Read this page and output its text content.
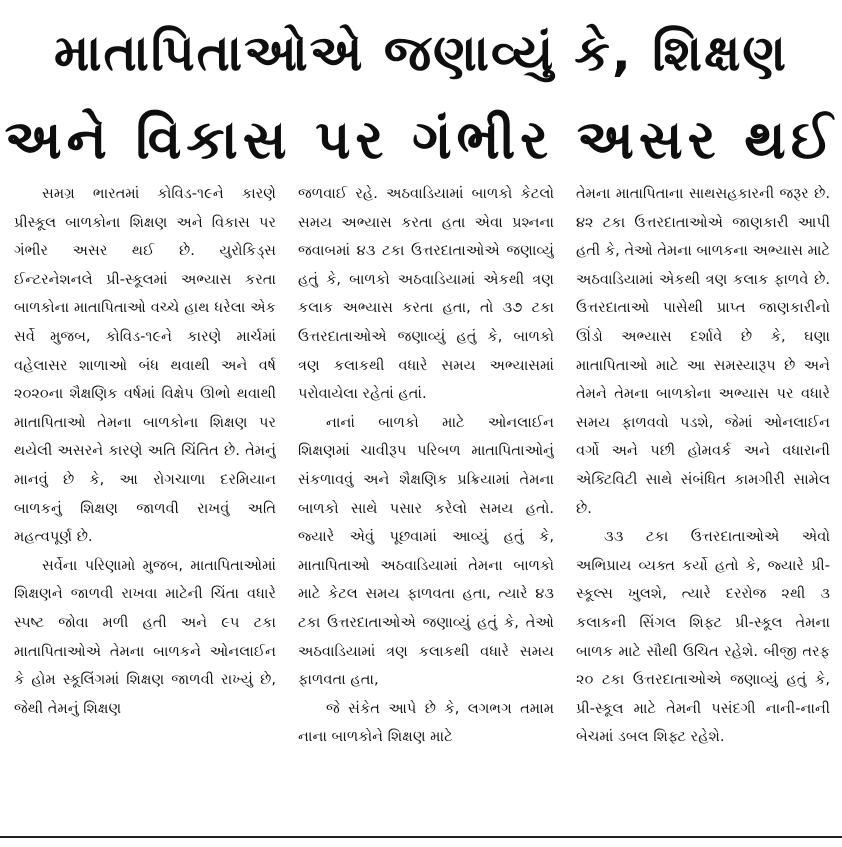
માતાપિતાઓએ જણાવ્યું કે, શિક્ષણ
અને વિકાસ પર ગંભીર અસર થઈ

સમગ્ર ભારતમાં કોવિડ-૧૯ને કારણે પ્રીસ્કૂલ બાળકોના શિક્ષણ અને વિકાસ પર ગંભીર અસર થઈ છે. યુરોકિડ્સ ઈન્ટરનેશનલે પ્રી-સ્કૂલમાં અભ્યાસ કરતા બાળકોના માતાપિતાઓ વચ્ચે હાથ ધરેલા એક સર્વે મુજબ, કોવિડ-૧૯ને કારણે માર્ચમાં વહેલાસર શાળાઓ બંધ થવાથી અને વર્ષ ૨૦૨૦ના શૈક્ષણિક વર્ષમાં વિક્ષેપ ઊભો થવાથી માતાપિતાઓ તેમના બાળકોના શિક્ષણ પર થયેલી અસરને કારણે અતિ ચિંતિત છે. તેમનું માનવું છે કે, આ રોગચાળા દરમિયાન બાળકનું શિક્ષણ જાળવી રાખવું અતિ મહત્વપૂર્ણ છે.

સર્વેના પરિણામો મુજબ, માતાપિતાઓમાં શિક્ષણને જાળવી રાખવા માટેની ચિંતા વધારે સ્પષ્ટ જોવા મળી હતી અને ૯૫ ટકા માતાપિતાઓએ તેમના બાળકને ઓનલાઈન કે હોમ સ્કૂલિંગમાં શિક્ષણ જાળવી રાખ્યું છે, જેથી તેમનું શિક્ષણ

જળવાઈ રહે. અઠવાડિયામાં બાળકો કેટલો સમય અભ્યાસ કરતા હતા એવા પ્રશ્નના જવાબમાં ૪૩ ટકા ઉત્તરદાતાઓએ જણાવ્યું હતું કે, બાળકો અઠવાડિયામાં એકથી ત્રણ કલાક અભ્યાસ કરતા હતા, તો ૩૭ ટકા ઉત્તરદાતાઓએ જણાવ્યું હતું કે, બાળકો ત્રણ કલાકથી વધારે સમય અભ્યાસમાં પરોવાયેલા રહેતાં હતાં.

નાનાં બાળકો માટે ઓનલાઈન શિક્ષણમાં ચાવીરૂપ પરિબળ માતાપિતાઓનું સંકળાવવું અને શૈક્ષણિક પ્રક્રિયામાં તેમના બાળકો સાથે પસાર કરેલો સમય હતો. જ્યારે એવું પૂછવામાં આવ્યું હતું કે, માતાપિતાઓ અઠવાડિયામાં તેમના બાળકો માટે કેટલ સમય ફાળવતા હતા, ત્યારે ૪૩ ટકા ઉત્તરદાતાઓએ જણાવ્યું હતું કે, તેઓ અઠવાડિયામાં ત્રણ કલાકથી વધારે સમય ફાળવતા હતા,

જે સંકેત આપે છે કે, લગભગ તમામ નાના બાળકોને શિક્ષણ માટે

તેમના માતાપિતાના સાથસહકારની જરૂર છે. ૪૨ ટકા ઉત્તરદાતાઓએ જાણકારી આપી હતી કે, તેઓ તેમના બાળકના અભ્યાસ માટે અઠવાડિયામાં એકથી ત્રણ કલાક ફાળવે છે. ઉત્તરદાતાઓ પાસેથી પ્રાપ્ત જાણકારીનો ઊંડો અભ્યાસ દર્શાવે છે કે, ઘણા માતાપિતાઓ માટે આ સમસ્યારૂપ છે અને તેમને તેમના બાળકોના અભ્યાસ પર વધારે સમય ફાળવવો પડશે, જેમાં ઓનલાઈન વર્ગો અને પછી હોમવર્ક અને વધારાની એક્ટિવિટી સાથે સંબંધિત કામગીરી સામેલ છે.

૩૩ ટકા ઉત્તરદાતાઓએ એવો અભિપ્રાય વ્યક્ત કર્યો હતો કે, જ્યારે પ્રી-સ્કૂલ્સ ખુલશે, ત્યારે દરરોજ ૨થી ૩ કલાકની સિંગલ શિફ્ટ પ્રી-સ્કૂલ તેમના બાળક માટે સૌથી ઉચિત રહેશે. બીજી તરફ ૨૦ ટકા ઉત્તરદાતાઓએ જણાવ્યું હતું કે, પ્રી-સ્કૂલ માટે તેમની પસંદગી નાની-નાની બેચમાં ડબલ શિફ્ટ રહેશે.
